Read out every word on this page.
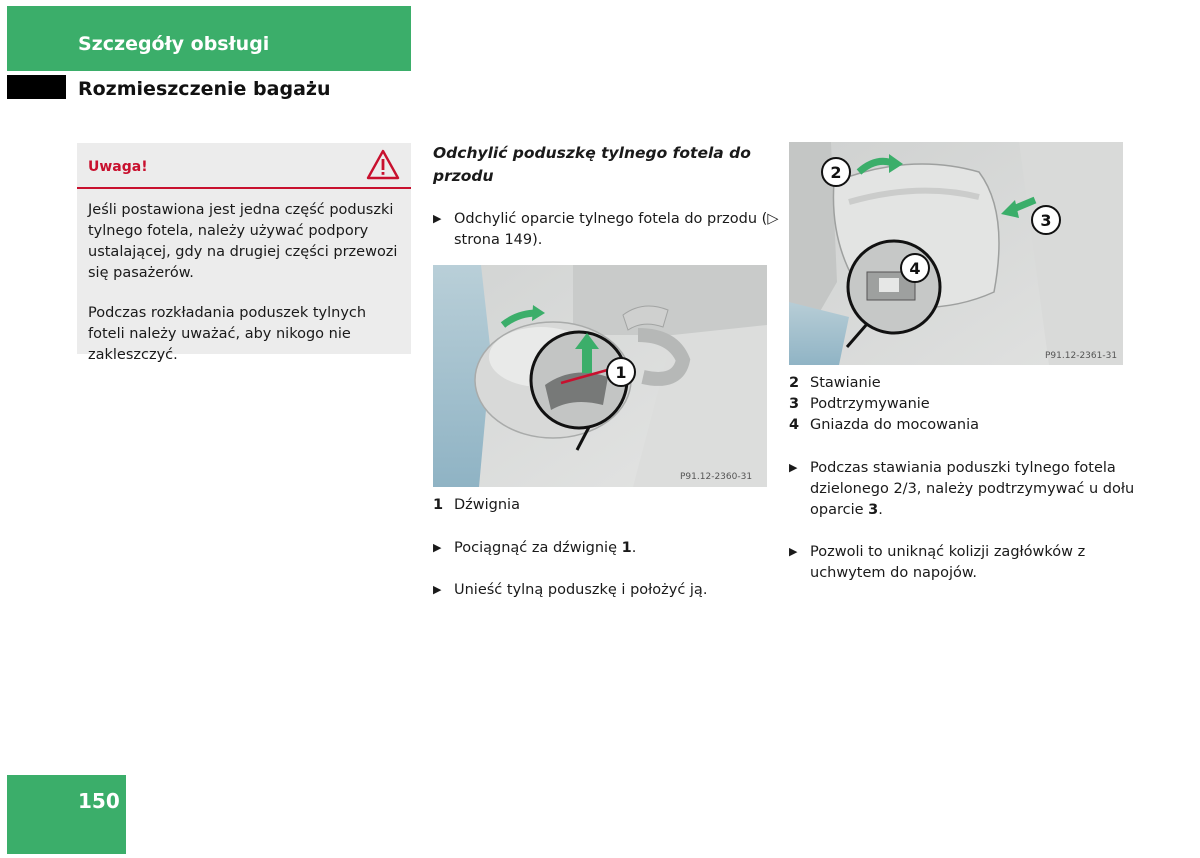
Szczegóły obsługi
Rozmieszczenie bagażu
Uwaga!

Jeśli postawiona jest jedna część poduszki tylnego fotela, należy używać podpory ustalającej, gdy na drugiej części przewozi się pasażerów.

Podczas rozkładania poduszek tylnych foteli należy uważać, aby nikogo nie zakleszczyć.

Odchylić poduszkę tylnego fotela do przodu

▶ Odchylić oparcie tylnego fotela do przodu (▷ strona 149).

1
P91.12-2360-31

1 Dźwignia

▶ Pociągnąć za dźwignię 1.

▶ Unieść tylną poduszkę i położyć ją.

2
3
4
P91.12-2361-31

2 Stawianie

3 Podtrzymywanie

4 Gniazda do mocowania

▶ Podczas stawiania poduszki tylnego fotela dzielonego 2/3, należy podtrzymywać u dołu oparcie 3.

▶ Pozwoli to uniknąć kolizji zagłówków z uchwytem do napojów.

150
